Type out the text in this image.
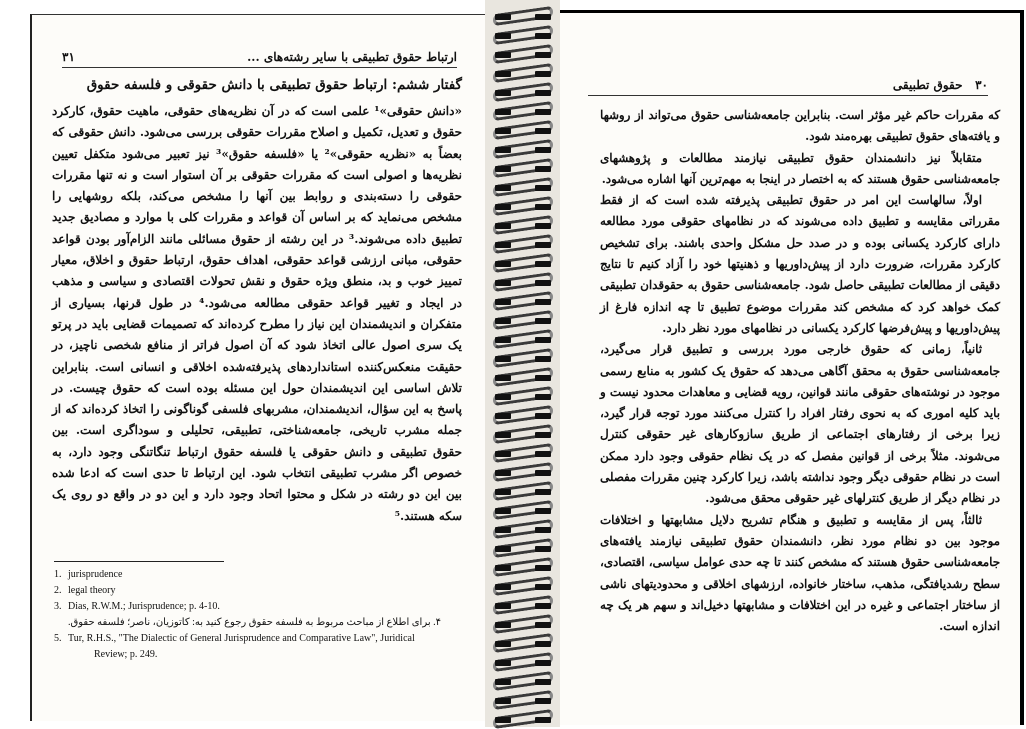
۳۱	ارتباط حقوق تطبیقی با سایر رشته‌های ...
گفتار ششم: ارتباط حقوق تطبیقی با دانش حقوقی و فلسفه حقوق

«دانش حقوقی»¹ علمی است که در آن نظریه‌های حقوقی، ماهیت حقوق، کارکرد حقوق و تعدیل، تکمیل و اصلاح مقررات حقوقی بررسی می‌شود. دانش حقوقی که بعضاً به «نظریه حقوقی»² یا «فلسفه حقوق»³ نیز تعبیر می‌شود متکفل تعیین نظریه‌ها و اصولی است که مقررات حقوقی بر آن استوار است و نه تنها مقررات حقوقی را دسته‌بندی و روابط بین آنها را مشخص می‌کند، بلکه روشهایی را مشخص می‌نماید که بر اساس آن قواعد و مقررات کلی با موارد و مصادیق جدید تطبیق داده می‌شوند.³ در این رشته از حقوق مسائلی مانند الزام‌آور بودن قواعد حقوقی، مبانی ارزشی قواعد حقوقی، اهداف حقوق، ارتباط حقوق و اخلاق، معیار تمییز خوب و بد، منطق ویژه حقوق و نقش تحولات اقتصادی و سیاسی و مذهب در ایجاد و تغییر قواعد حقوقی مطالعه می‌شود.⁴ در طول قرنها، بسیاری از متفکران و اندیشمندان این نیاز را مطرح کرده‌اند که تصمیمات قضایی باید در پرتو یک سری اصول عالی اتخاذ شود که آن اصول فراتر از منافع شخصی ناچیز، در حقیقت منعکس‌کننده استانداردهای پذیرفته‌شده اخلاقی و انسانی است. بنابراین تلاش اساسی این اندیشمندان حول این مسئله بوده است که حقوق چیست. در پاسخ به این سؤال، اندیشمندان، مشربهای فلسفی گوناگونی را اتخاذ کرده‌اند که از جمله مشرب تاریخی، جامعه‌شناختی، تطبیقی، تحلیلی و سوداگری است. بین حقوق تطبیقی و دانش حقوقی یا فلسفه حقوق ارتباط تنگاتنگی وجود دارد، به خصوص اگر مشرب تطبیقی انتخاب شود. این ارتباط تا حدی است که ادعا شده بین این دو رشته در شکل و محتوا اتحاد وجود دارد و این دو در واقع دو روی یک سکه هستند.⁵

1. jurisprudence

2. legal theory

3. Dias, R.W.M.; Jurisprudence; p. 4-10.

۴. برای اطلاع از مباحث مربوط به فلسفه حقوق رجوع کنید به: کاتوزیان، ناصر؛ فلسفه حقوق.

5. Tur, R.H.S., "The Dialectic of General Jurisprudence and Comparative Law", Juridical

Review; p. 249.

۳۰   حقوق تطبیقی

که مقررات حاکم غیر مؤثر است. بنابراین جامعه‌شناسی حقوق می‌تواند از روشها و یافته‌های حقوق تطبیقی بهره‌مند شود.

متقابلاً نیز دانشمندان حقوق تطبیقی نیازمند مطالعات و پژوهشهای جامعه‌شناسی حقوق هستند که به اختصار در اینجا به مهم‌ترین آنها اشاره می‌شود.

اولاً، سالهاست این امر در حقوق تطبیقی پذیرفته شده است که از فقط مقرراتی مقایسه و تطبیق داده می‌شوند که در نظامهای حقوقی مورد مطالعه دارای کارکرد یکسانی بوده و در صدد حل مشکل واحدی باشند. برای تشخیص کارکرد مقررات، ضرورت دارد از پیش‌داوریها و ذهنیتها خود را آزاد کنیم تا نتایج دقیقی از مطالعات تطبیقی حاصل شود. جامعه‌شناسی حقوق به حقوقدان تطبیقی کمک خواهد کرد که مشخص کند مقررات موضوع تطبیق تا چه اندازه فارغ از پیش‌داوریها و پیش‌فرضها کارکرد یکسانی در نظامهای مورد نظر دارد.

ثانیاً، زمانی که حقوق خارجی مورد بررسی و تطبیق قرار می‌گیرد، جامعه‌شناسی حقوق به محقق آگاهی می‌دهد که حقوق یک کشور به منابع رسمی موجود در نوشته‌های حقوقی مانند قوانین، رویه قضایی و معاهدات محدود نیست و باید کلیه اموری که به نحوی رفتار افراد را کنترل می‌کنند مورد توجه قرار گیرد، زیرا برخی از رفتارهای اجتماعی از طریق سازوکارهای غیر حقوقی کنترل می‌شوند. مثلاً برخی از قوانین مفصل که در یک نظام حقوقی وجود دارد ممکن است در نظام حقوقی دیگر وجود نداشته باشد، زیرا کارکرد چنین مقررات مفصلی در نظام دیگر از طریق کنترلهای غیر حقوقی محقق می‌شود.

ثالثاً، پس از مقایسه و تطبیق و هنگام تشریح دلایل مشابهتها و اختلافات موجود بین دو نظام مورد نظر، دانشمندان حقوق تطبیقی نیازمند یافته‌های جامعه‌شناسی حقوق هستند که مشخص کنند تا چه حدی عوامل سیاسی، اقتصادی، سطح رشدیافتگی، مذهب، ساختار خانواده، ارزشهای اخلاقی و محدودیتهای ناشی از ساختار اجتماعی و غیره در این اختلافات و مشابهتها دخیل‌اند و سهم هر یک چه اندازه است.
